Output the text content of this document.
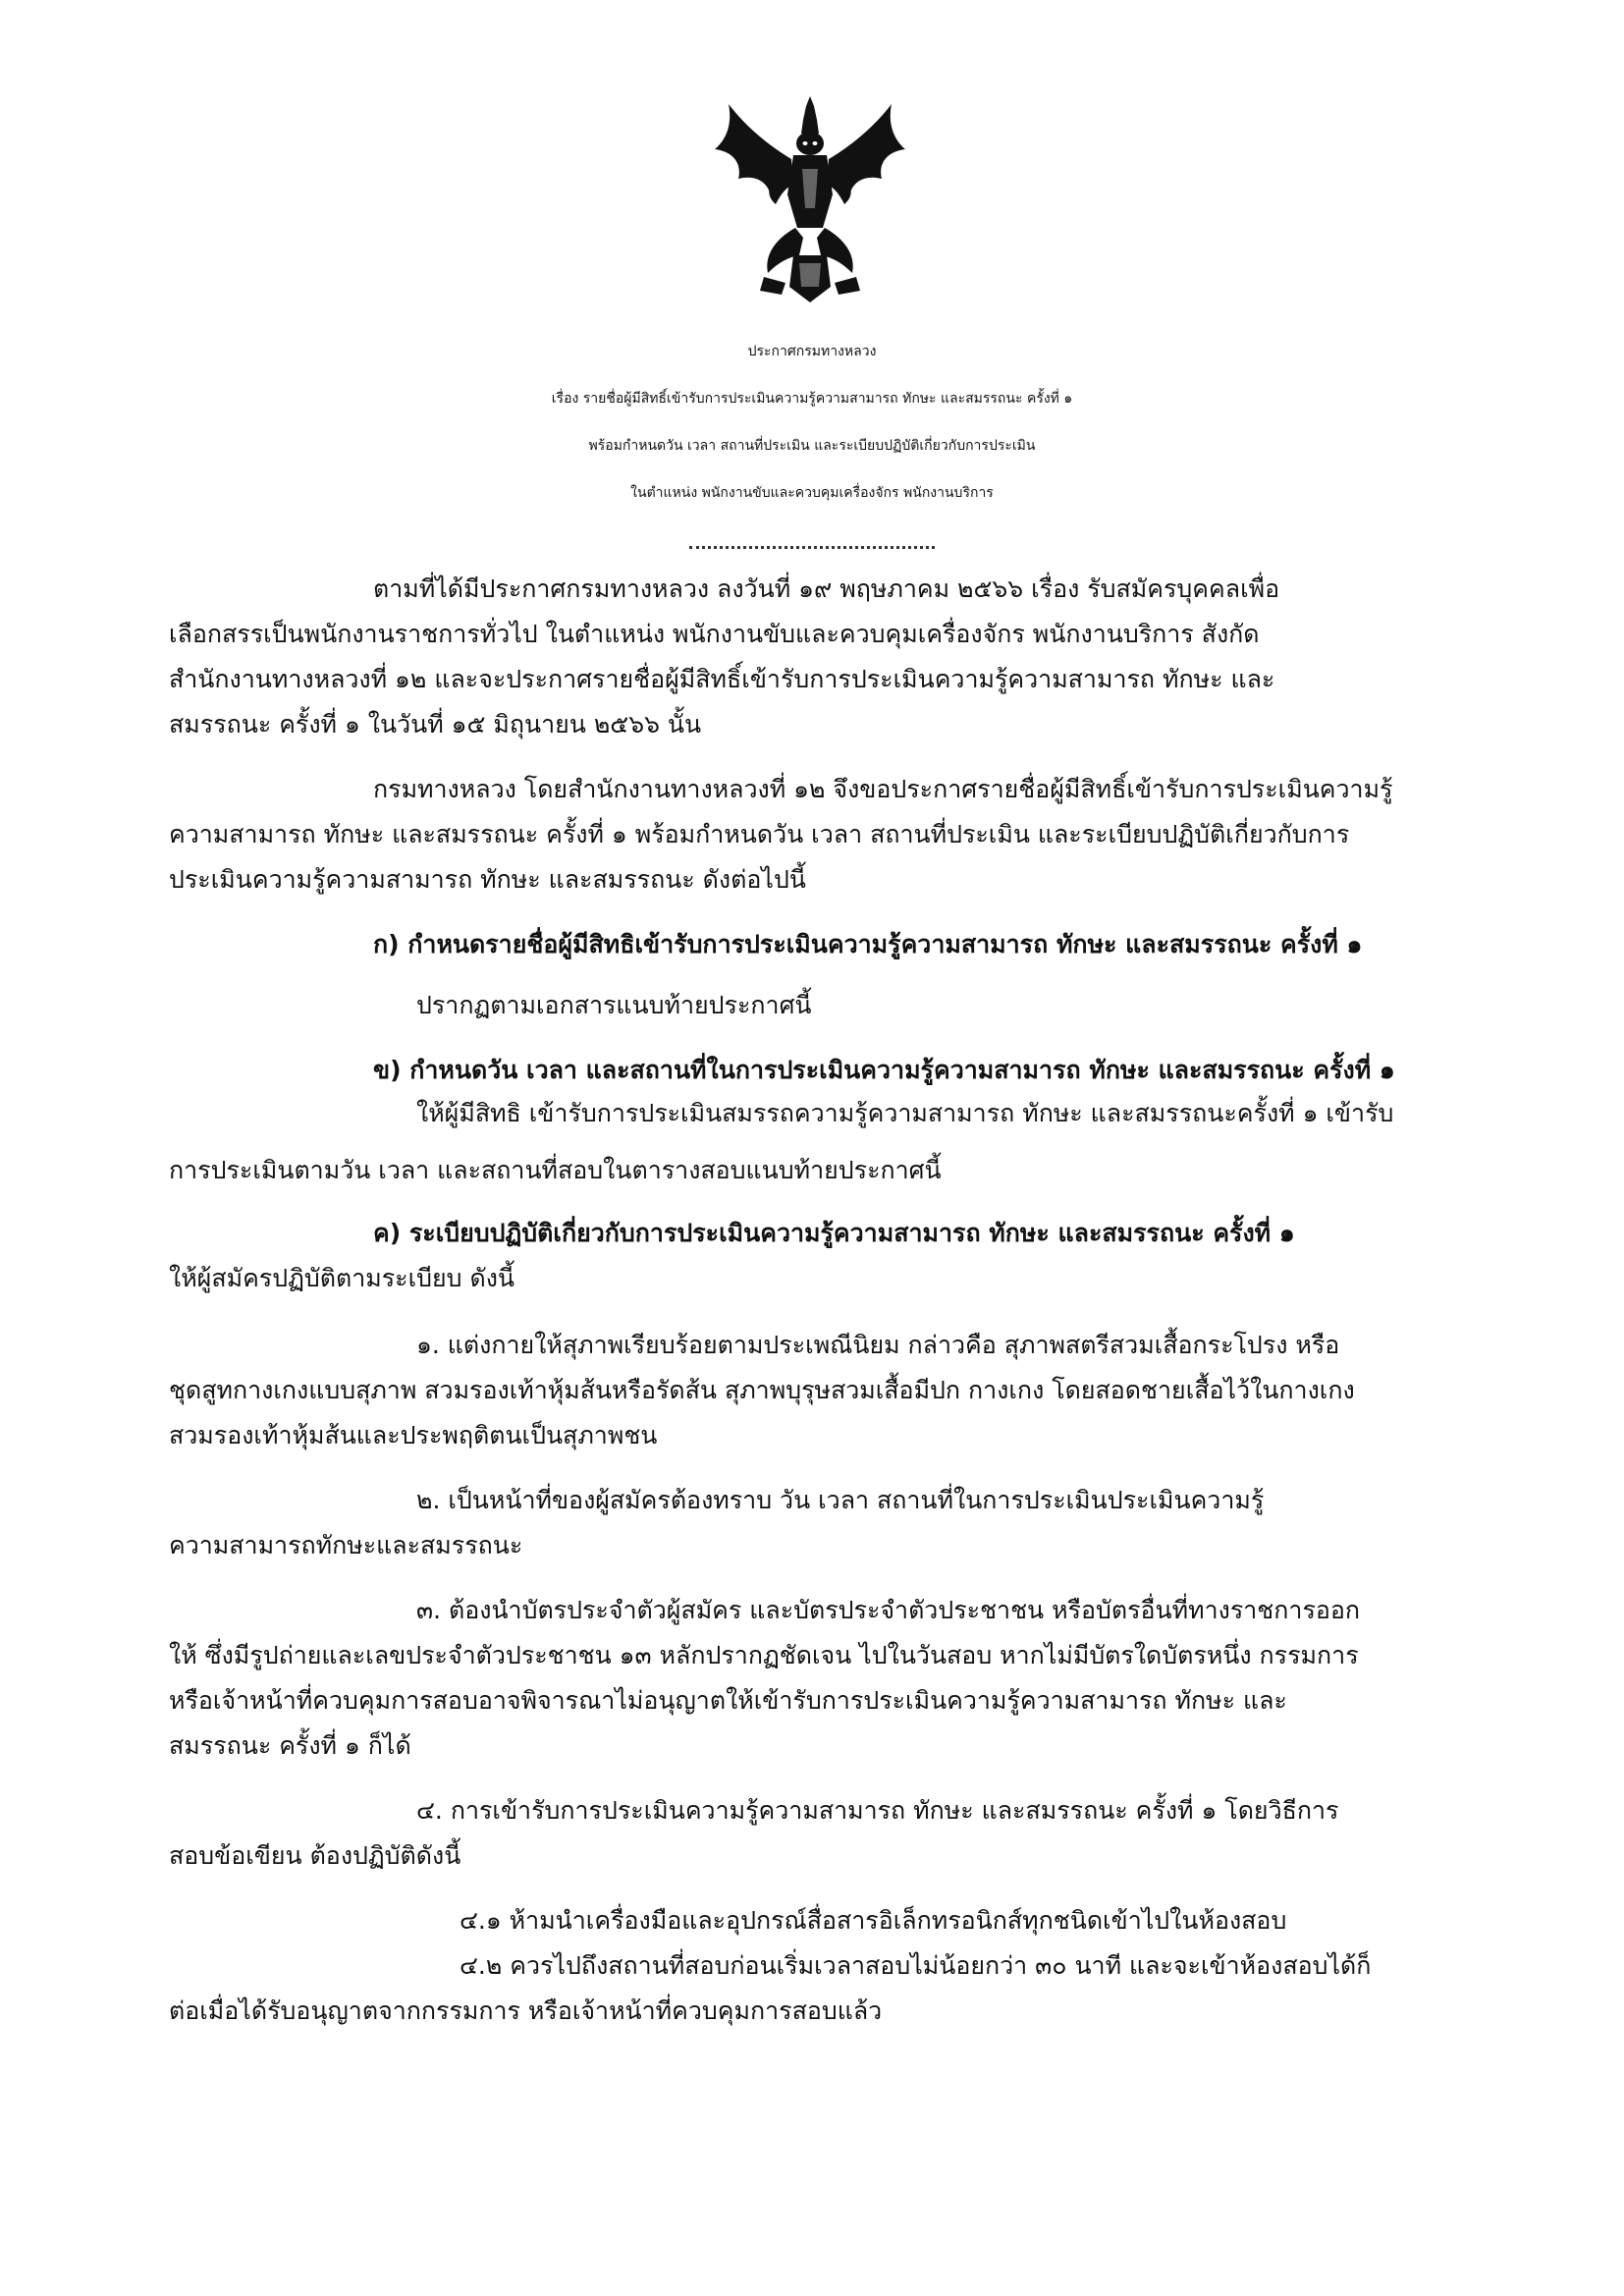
ประกาศกรมทางหลวง
เรื่อง รายชื่อผู้มีสิทธิ์เข้ารับการประเมินความรู้ความสามารถ ทักษะ และสมรรถนะ ครั้งที่ ๑
พร้อมกำหนดวัน เวลา สถานที่ประเมิน และระเบียบปฏิบัติเกี่ยวกับการประเมิน
ในตำแหน่ง พนักงานขับและควบคุมเครื่องจักร พนักงานบริการ
ตามที่ได้มีประกาศกรมทางหลวง ลงวันที่ ๑๙ พฤษภาคม ๒๕๖๖ เรื่อง รับสมัครบุคคลเพื่อ
เลือกสรรเป็นพนักงานราชการทั่วไป ในตำแหน่ง พนักงานขับและควบคุมเครื่องจักร พนักงานบริการ สังกัด
สำนักงานทางหลวงที่ ๑๒ และจะประกาศรายชื่อผู้มีสิทธิ์เข้ารับการประเมินความรู้ความสามารถ ทักษะ และ
สมรรถนะ ครั้งที่ ๑ ในวันที่ ๑๕ มิถุนายน ๒๕๖๖ นั้น
กรมทางหลวง โดยสำนักงานทางหลวงที่ ๑๒ จึงขอประกาศรายชื่อผู้มีสิทธิ์เข้ารับการประเมินความรู้
ความสามารถ ทักษะ และสมรรถนะ ครั้งที่ ๑ พร้อมกำหนดวัน เวลา สถานที่ประเมิน และระเบียบปฏิบัติเกี่ยวกับการ
ประเมินความรู้ความสามารถ ทักษะ และสมรรถนะ ดังต่อไปนี้
ก) กำหนดรายชื่อผู้มีสิทธิเข้ารับการประเมินความรู้ความสามารถ ทักษะ และสมรรถนะ ครั้งที่ ๑
ปรากฏตามเอกสารแนบท้ายประกาศนี้
ข) กำหนดวัน เวลา และสถานที่ในการประเมินความรู้ความสามารถ ทักษะ และสมรรถนะ ครั้งที่ ๑
ให้ผู้มีสิทธิ เข้ารับการประเมินสมรรถความรู้ความสามารถ ทักษะ และสมรรถนะครั้งที่ ๑ เข้ารับ
การประเมินตามวัน เวลา และสถานที่สอบในตารางสอบแนบท้ายประกาศนี้
ค) ระเบียบปฏิบัติเกี่ยวกับการประเมินความรู้ความสามารถ ทักษะ และสมรรถนะ ครั้งที่ ๑
ให้ผู้สมัครปฏิบัติตามระเบียบ ดังนี้
๑. แต่งกายให้สุภาพเรียบร้อยตามประเพณีนิยม กล่าวคือ สุภาพสตรีสวมเสื้อกระโปรง หรือ
ชุดสูทกางเกงแบบสุภาพ สวมรองเท้าหุ้มส้นหรือรัดส้น สุภาพบุรุษสวมเสื้อมีปก กางเกง โดยสอดชายเสื้อไว้ในกางเกง
สวมรองเท้าหุ้มส้นและประพฤติตนเป็นสุภาพชน
๒. เป็นหน้าที่ของผู้สมัครต้องทราบ วัน เวลา สถานที่ในการประเมินประเมินความรู้
ความสามารถทักษะและสมรรถนะ
๓. ต้องนำบัตรประจำตัวผู้สมัคร และบัตรประจำตัวประชาชน หรือบัตรอื่นที่ทางราชการออก
ให้ ซึ่งมีรูปถ่ายและเลขประจำตัวประชาชน ๑๓ หลักปรากฏชัดเจน ไปในวันสอบ หากไม่มีบัตรใดบัตรหนึ่ง กรรมการ
หรือเจ้าหน้าที่ควบคุมการสอบอาจพิจารณาไม่อนุญาตให้เข้ารับการประเมินความรู้ความสามารถ ทักษะ และ
สมรรถนะ ครั้งที่ ๑ ก็ได้
๔. การเข้ารับการประเมินความรู้ความสามารถ ทักษะ และสมรรถนะ ครั้งที่ ๑ โดยวิธีการ
สอบข้อเขียน ต้องปฏิบัติดังนี้
๔.๑ ห้ามนำเครื่องมือและอุปกรณ์สื่อสารอิเล็กทรอนิกส์ทุกชนิดเข้าไปในห้องสอบ
๔.๒ ควรไปถึงสถานที่สอบก่อนเริ่มเวลาสอบไม่น้อยกว่า ๓๐ นาที และจะเข้าห้องสอบได้ก็
ต่อเมื่อได้รับอนุญาตจากกรรมการ หรือเจ้าหน้าที่ควบคุมการสอบแล้ว
